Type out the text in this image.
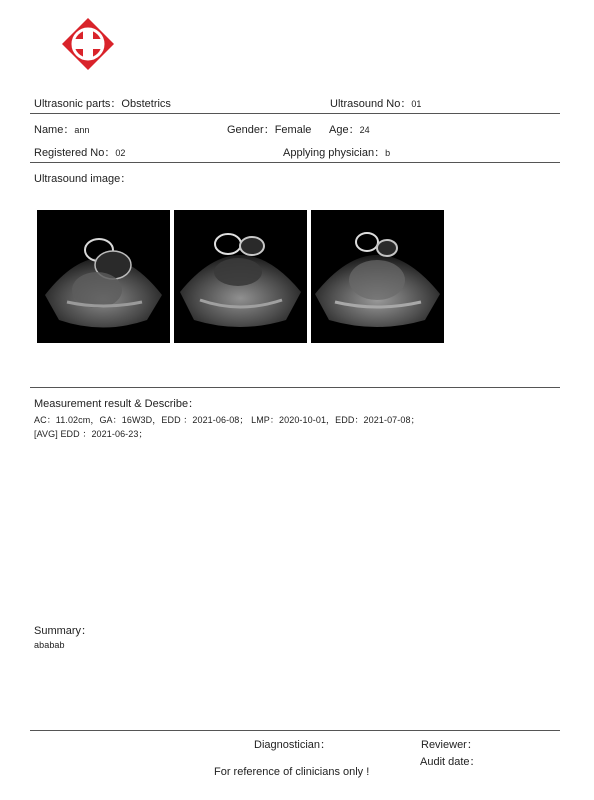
Ultrasonic parts：Obstetrics	Ultrasound No：01
Name：ann	Gender：Female Age：24
Registered No：02	Applying physician：b
Ultrasound image：
Measurement result & Describe：
AC：11.02cm，GA：16W3D，EDD ：2021-06-08； LMP：2020-10-01，EDD：2021-07-08；
[AVG] EDD ：2021-06-23；
Summary：
ababab
Diagnostician：	Reviewer：
Audit date：
For reference of clinicians only !
